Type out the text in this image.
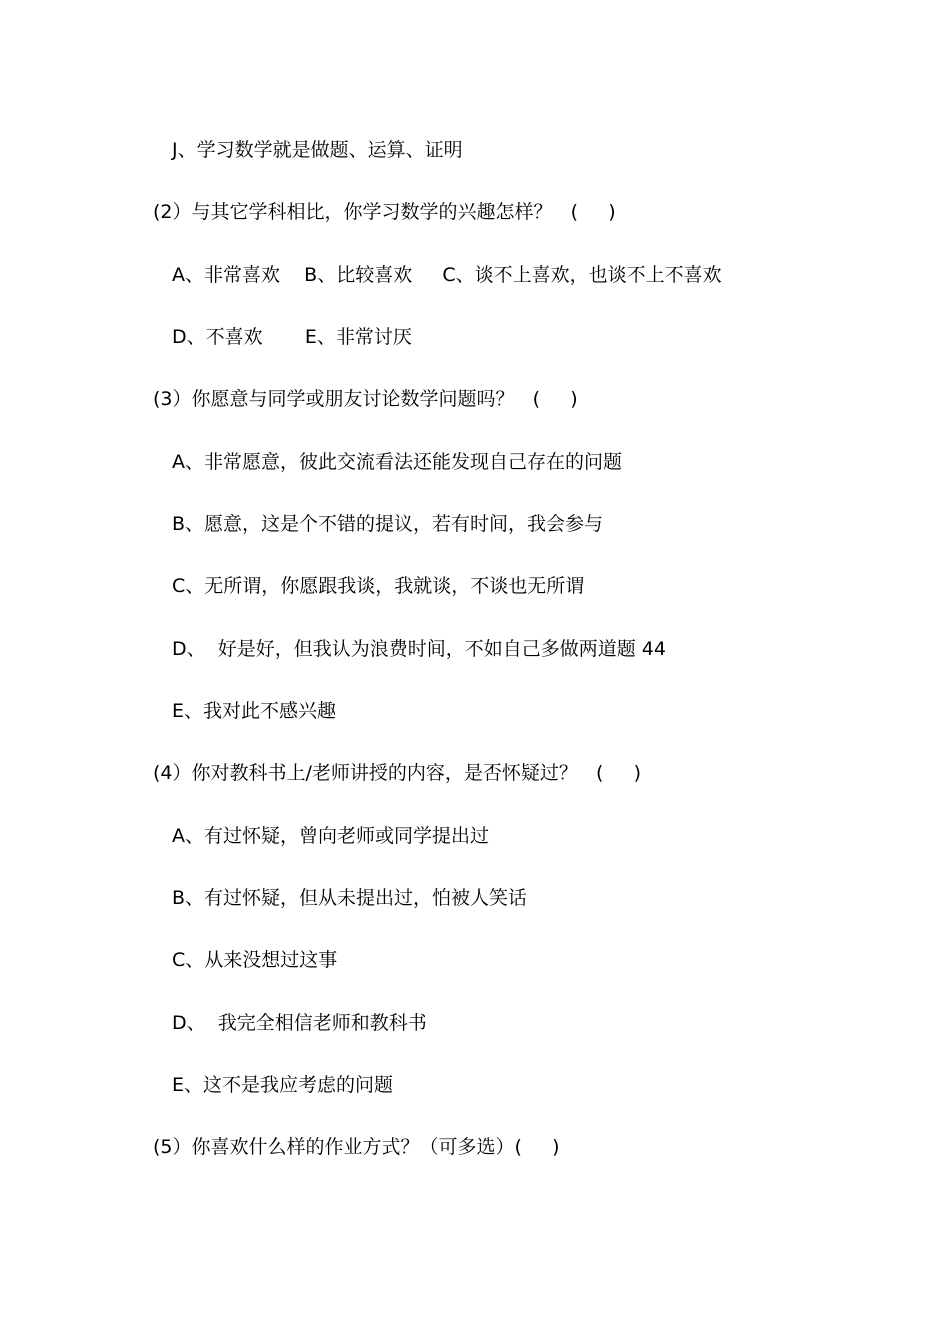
J、学习数学就是做题、运算、证明
(2）与其它学科相比，你学习数学的兴趣怎样？   (     )
A、非常喜欢    B、比较喜欢     C、谈不上喜欢，也谈不上不喜欢
D、不喜欢       E、非常讨厌
(3）你愿意与同学或朋友讨论数学问题吗？   (     )
A、非常愿意，彼此交流看法还能发现自己存在的问题
B、愿意，这是个不错的提议，若有时间，我会参与
C、无所谓，你愿跟我谈，我就谈，不谈也无所谓
D、  好是好，但我认为浪费时间，不如自己多做两道题 44
E、我对此不感兴趣
(4）你对教科书上/老师讲授的内容，是否怀疑过？   (     )
A、有过怀疑，曾向老师或同学提出过
B、有过怀疑，但从未提出过，怕被人笑话
C、从来没想过这事
D、  我完全相信老师和教科书
E、这不是我应考虑的问题
(5）你喜欢什么样的作业方式？（可多选）(     )
